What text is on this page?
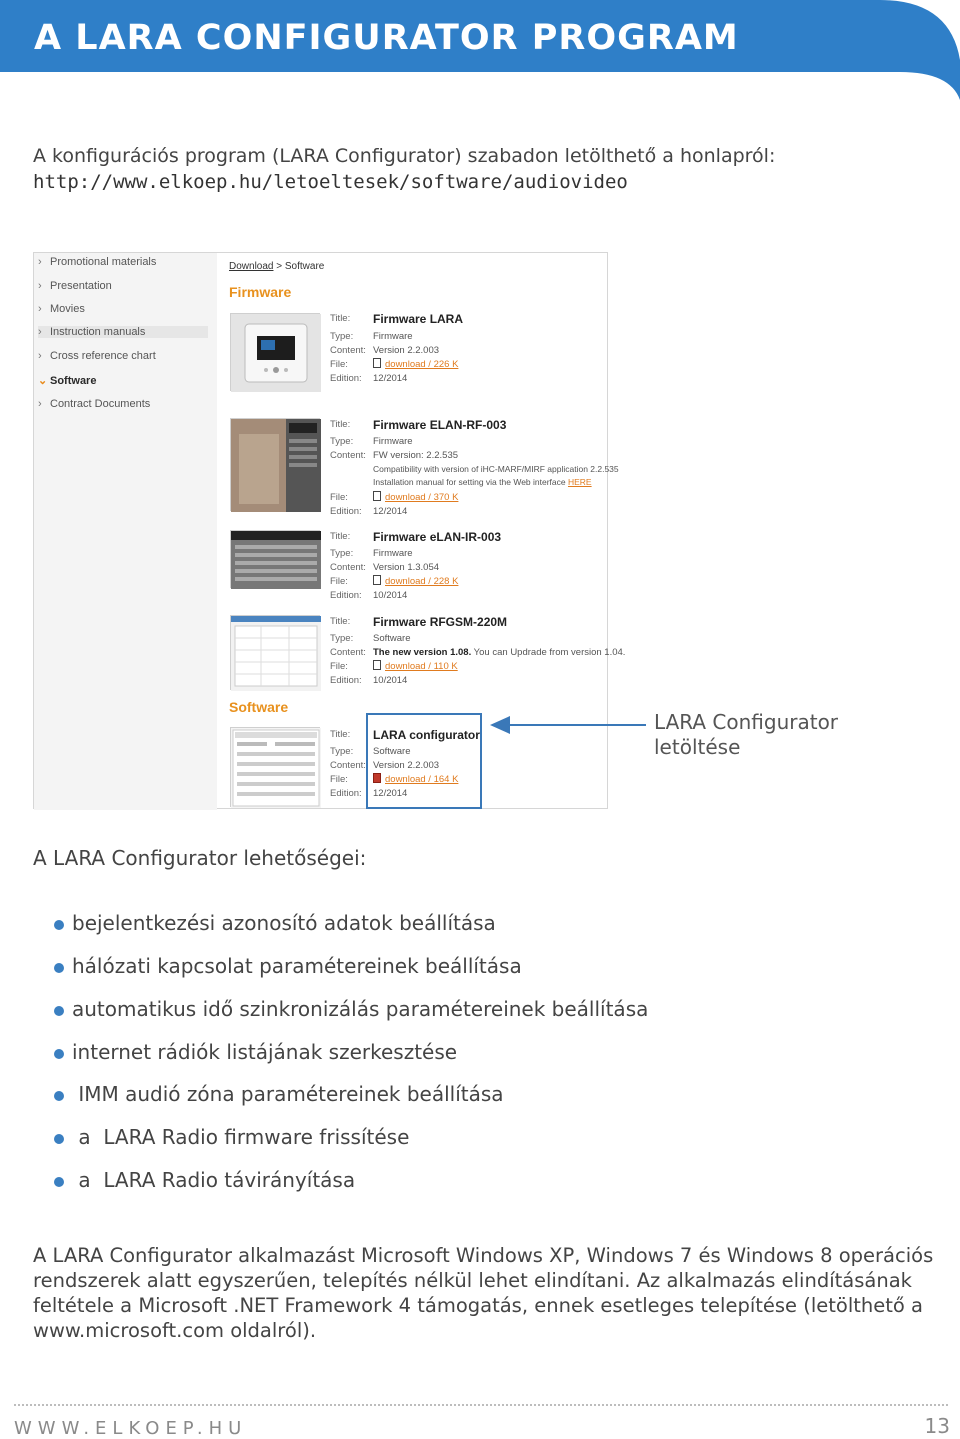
A LARA CONFIGURATOR PROGRAM
A konfigurációs program (LARA Configurator) szabadon letölthető a honlapról:
http://www.elkoep.hu/letoeltesek/software/audiovideo
› Promotional materials
› Presentation
› Movies
› Instruction manuals
› Cross reference chart
⌄ Software
› Contract Documents
Download > Software
Firmware
Software
Title: Firmware LARA
Type: Firmware
Content: Version 2.2.003
File:	download / 226 K
Edition: 12/2014
Title: Firmware ELAN-RF-003
Type: Firmware
Content: FW version: 2.2.535
Compatibility with version of iHC-MARF/MIRF application 2.2.535
Installation manual for setting via the Web interface HERE
File:	download / 370 K
Edition: 12/2014
Title: Firmware eLAN-IR-003
Type: Firmware
Content: Version 1.3.054
File:	download / 228 K
Edition: 10/2014
Title: Firmware RFGSM-220M
Type: Software
Content: The new version 1.08. You can Updrade from version 1.04.
File:	download / 110 K
Edition: 10/2014
Title: LARA configurator
Type: Software
Content: Version 2.2.003
File:	download / 164 K
Edition: 12/2014
LARA Configurator
letöltése
A LARA Configurator lehetőségei:
bejelentkezési azonosító adatok beállítása
hálózati kapcsolat paramétereinek beállítása
automatikus idő szinkronizálás paramétereinek beállítása
internet rádiók listájának szerkesztése
IMM audió zóna paramétereinek beállítása
a  LARA Radio firmware frissítése
a  LARA Radio távirányítása
A LARA Configurator alkalmazást Microsoft Windows XP, Windows 7 és Windows 8 operációs rendszerek alatt egyszerűen, telepítés nélkül lehet elindítani. Az alkalmazás elindításának feltétele a Microsoft .NET Framework 4 támogatás, ennek esetleges telepítése (letölthető a www.microsoft.com oldalról).
WWW.ELKOEP.HU	13
